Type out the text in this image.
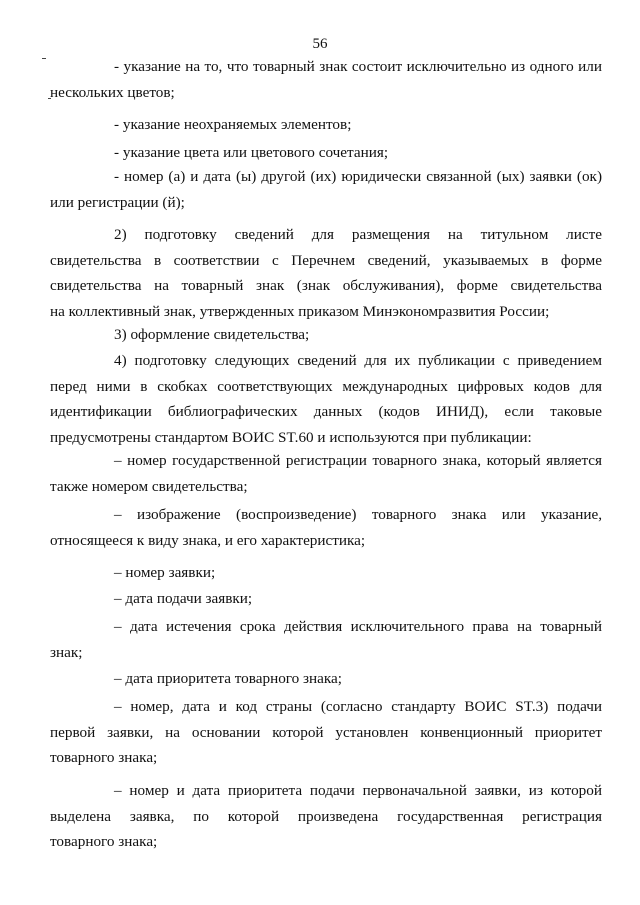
56
- указание на то, что товарный знак состоит исключительно из одного или
нескольких цветов;
- указание неохраняемых элементов;
- указание цвета или цветового сочетания;
- номер (а) и дата (ы) другой (их) юридически связанной (ых) заявки (ок)
или регистрации (й);
2) подготовку сведений для размещения на титульном листе
свидетельства в соответствии с Перечнем сведений, указываемых в форме
свидетельства на товарный знак (знак обслуживания), форме свидетельства
на коллективный знак, утвержденных приказом Минэкономразвития России;
3) оформление свидетельства;
4) подготовку следующих сведений для их публикации с приведением
перед ними в скобках соответствующих международных цифровых кодов для
идентификации библиографических данных (кодов ИНИД), если таковые
предусмотрены стандартом ВОИС ST.60 и используются при публикации:
– номер государственной регистрации товарного знака, который является
также номером свидетельства;
– изображение (воспроизведение) товарного знака или указание,
относящееся к виду знака, и его характеристика;
– номер заявки;
– дата подачи заявки;
– дата истечения срока действия исключительного права на товарный
знак;
– дата приоритета товарного знака;
– номер, дата и код страны (согласно стандарту ВОИС ST.3) подачи
первой заявки, на основании которой установлен конвенционный приоритет
товарного знака;
– номер и дата приоритета подачи первоначальной заявки, из которой
выделена заявка, по которой произведена государственная регистрация
товарного знака;
